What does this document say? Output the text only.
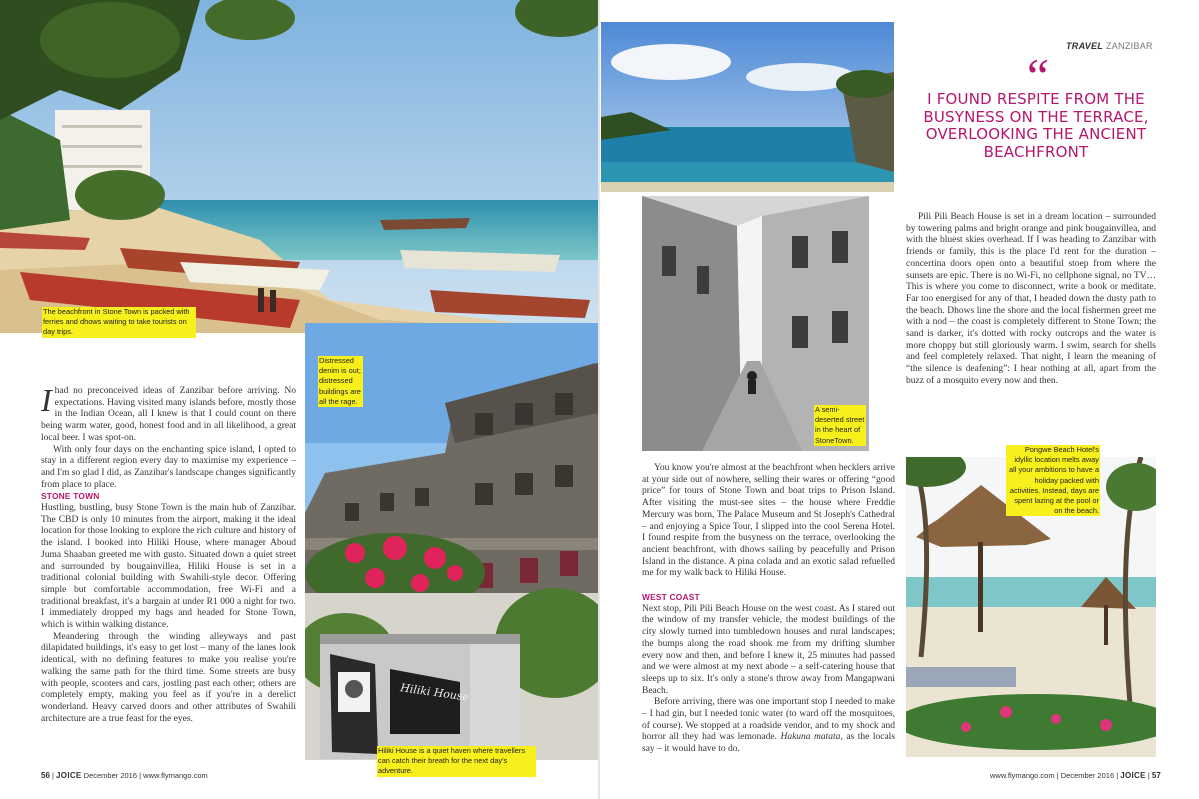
The beachfront in Stone Town is packed with ferries and dhows waiting to take tourists on day trips.
Distressed denim is out; distressed buildings are all the rage.
Hiliki House
Hiliki House is a quiet haven where travellers can catch their breath for the next day's adventure.

Ihad no preconceived ideas of Zanzibar before arriving. No expectations. Having visited many islands before, mostly those in the Indian Ocean, all I knew is that I could count on there being warm water, good, honest food and in all likelihood, a great local beer. I was spot-on.

With only four days on the enchanting spice island, I opted to stay in a different region every day to maximise my experience – and I'm so glad I did, as Zanzibar's landscape changes significantly from place to place.

STONE TOWN

Hustling, bustling, busy Stone Town is the main hub of Zanzibar. The CBD is only 10 minutes from the airport, making it the ideal location for those looking to explore the rich culture and history of the island. I booked into Hiliki House, where manager Aboud Juma Shaaban greeted me with gusto. Situated down a quiet street and surrounded by bougainvillea, Hiliki House is set in a traditional colonial building with Swahili-style decor. Offering simple but comfortable accommodation, free Wi-Fi and a traditional breakfast, it's a bargain at under R1 000 a night for two. I immediately dropped my bags and headed for Stone Town, which is within walking distance.

Meandering through the winding alleyways and past dilapidated buildings, it's easy to get lost – many of the lanes look identical, with no defining features to make you realise you're walking the same path for the third time. Some streets are busy with people, scooters and cars, jostling past each other; others are completely empty, making you feel as if you're in a derelict wonderland. Heavy carved doors and other attributes of Swahili architecture are a true feast for the eyes.

56 | JOICE December 2016 | www.flymango.com
TRAVEL ZANZIBAR
“
I FOUND RESPITE FROM THE BUSYNESS ON THE TERRACE, OVERLOOKING THE ANCIENT BEACHFRONT
A semi-deserted street in the heart of StoneTown.
Pongwe Beach Hotel's idyllic location melts away all your ambitions to have a holiday packed with activities. Instead, days are spent lazing at the pool or on the beach.

You know you're almost at the beachfront when hecklers arrive at your side out of nowhere, selling their wares or offering “good price” for tours of Stone Town and boat trips to Prison Island. After visiting the must-see sites – the house where Freddie Mercury was born, The Palace Museum and St Joseph's Cathedral – and enjoying a Spice Tour, I slipped into the cool Serena Hotel. I found respite from the busyness on the terrace, overlooking the ancient beachfront, with dhows sailing by peacefully and Prison Island in the distance. A pina colada and an exotic salad refuelled me for my walk back to Hiliki House.

WEST COAST

Next stop, Pili Pili Beach House on the west coast. As I stared out the window of my transfer vehicle, the modest buildings of the city slowly turned into tumbledown houses and rural landscapes; the bumps along the road shook me from my drifting slumber every now and then, and before I knew it, 25 minutes had passed and we were almost at my next abode – a self-catering house that sleeps up to six. It's only a stone's throw away from Mangapwani Beach.

Before arriving, there was one important stop I needed to make – I had gin, but I needed tonic water (to ward off the mosquitoes, of course). We stopped at a roadside vendor, and to my shock and horror all they had was lemonade. Hakuna matata, as the locals say – it would have to do.

Pili Pili Beach House is set in a dream location – surrounded by towering palms and bright orange and pink bougainvillea, and with the bluest skies overhead. If I was heading to Zanzibar with friends or family, this is the place I'd rent for the duration – concertina doors open onto a beautiful stoep from where the sunsets are epic. There is no Wi-Fi, no cellphone signal, no TV… This is where you come to disconnect, write a book or meditate. Far too energised for any of that, I headed down the dusty path to the beach. Dhows line the shore and the local fishermen greet me with a nod – the coast is completely different to Stone Town; the sand is darker, it's dotted with rocky outcrops and the water is more choppy but still gloriously warm. I swim, search for shells and feel completely relaxed. That night, I learn the meaning of “the silence is deafening”: I hear nothing at all, apart from the buzz of a mosquito every now and then.

www.flymango.com | December 2016 | JOICE | 57
